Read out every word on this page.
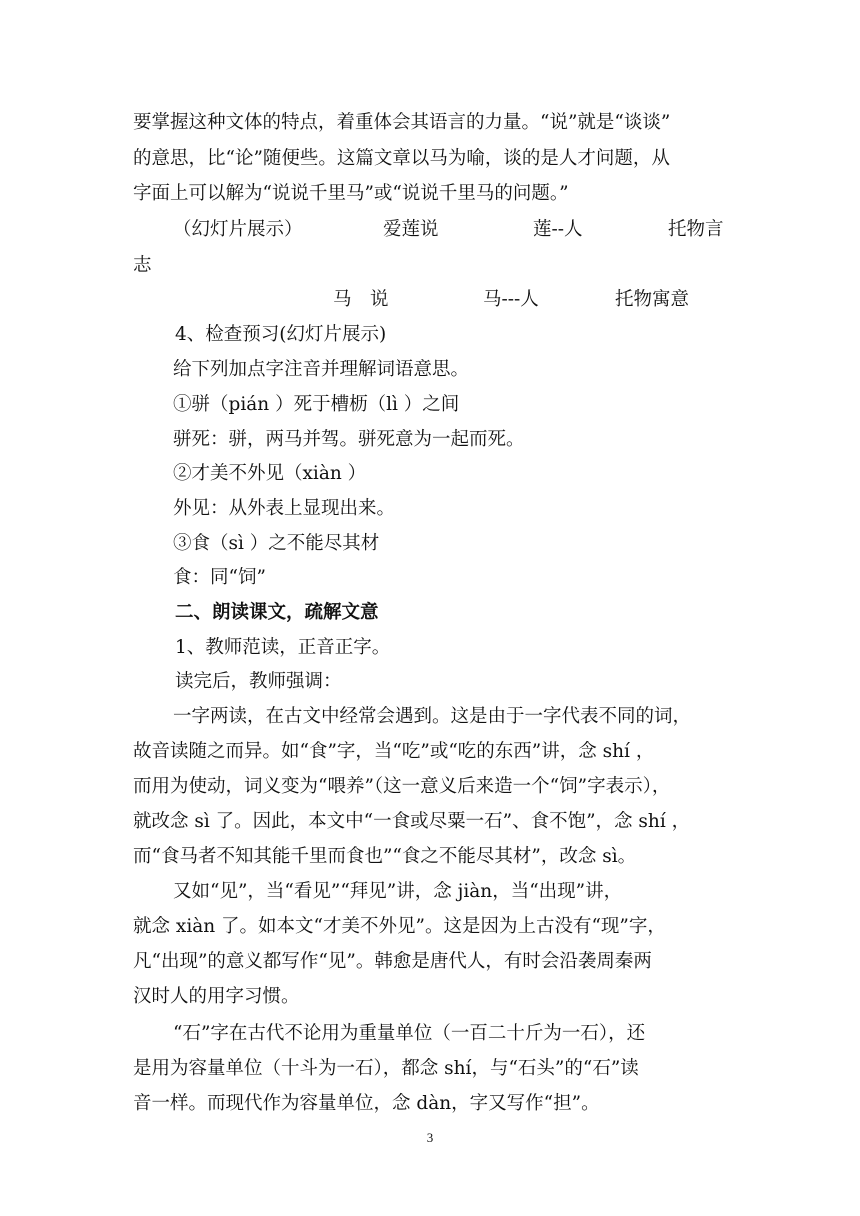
要掌握这种文体的特点，着重体会其语言的力量。“说”就是“谈谈”
的意思，比“论”随便些。这篇文章以马为喻，谈的是人才问题，从
字面上可以解为“说说千里马”或“说说千里马的问题。”
（幻灯片展示）	爱莲说	莲--人	托物言
志
马　说	马---人	托物寓意
4、检查预习(幻灯片展示)
给下列加点字注音并理解词语意思。
①骈（pián ）死于槽枥（lì ）之间
骈死：骈，两马并驾。骈死意为一起而死。
②才美不外见（xiàn ）
外见：从外表上显现出来。
③食（sì ）之不能尽其材
食：同“饲”
二、朗读课文，疏解文意
1、教师范读，正音正字。
读完后，教师强调：
一字两读，在古文中经常会遇到。这是由于一字代表不同的词，
故音读随之而异。如“食”字，当“吃”或“吃的东西”讲，念 shí ，
而用为使动，词义变为“喂养”（这一意义后来造一个“饲”字表示），
就改念 sì 了。因此，本文中“一食或尽粟一石”、食不饱”，念 shí ，
而“食马者不知其能千里而食也”“食之不能尽其材”，改念 sì。
又如“见”，当“看见”“拜见”讲，念 jiàn，当“出现”讲，
就念 xiàn 了。如本文“才美不外见”。这是因为上古没有“现”字，
凡“出现”的意义都写作“见”。韩愈是唐代人，有时会沿袭周秦两
汉时人的用字习惯。
“石”字在古代不论用为重量单位（一百二十斤为一石），还
是用为容量单位（十斗为一石），都念 shí，与“石头”的“石”读
音一样。而现代作为容量单位，念 dàn，字又写作“担”。
3
